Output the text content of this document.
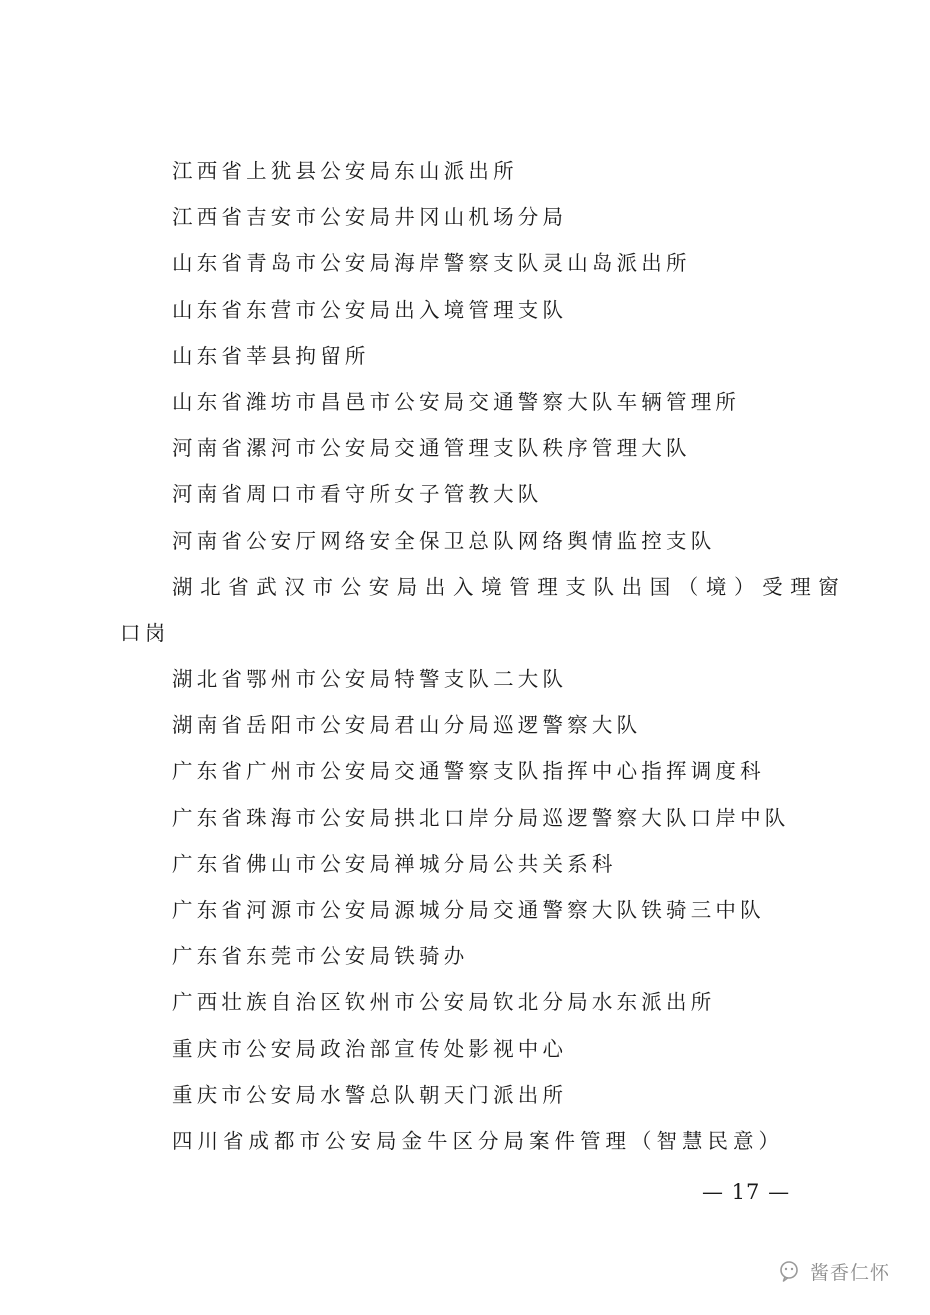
江西省上犹县公安局东山派出所
江西省吉安市公安局井冈山机场分局
山东省青岛市公安局海岸警察支队灵山岛派出所
山东省东营市公安局出入境管理支队
山东省莘县拘留所
山东省潍坊市昌邑市公安局交通警察大队车辆管理所
河南省漯河市公安局交通管理支队秩序管理大队
河南省周口市看守所女子管教大队
河南省公安厅网络安全保卫总队网络舆情监控支队
湖北省武汉市公安局出入境管理支队出国（境）受理窗
口岗
湖北省鄂州市公安局特警支队二大队
湖南省岳阳市公安局君山分局巡逻警察大队
广东省广州市公安局交通警察支队指挥中心指挥调度科
广东省珠海市公安局拱北口岸分局巡逻警察大队口岸中队
广东省佛山市公安局禅城分局公共关系科
广东省河源市公安局源城分局交通警察大队铁骑三中队
广东省东莞市公安局铁骑办
广西壮族自治区钦州市公安局钦北分局水东派出所
重庆市公安局政治部宣传处影视中心
重庆市公安局水警总队朝天门派出所
四川省成都市公安局金牛区分局案件管理（智慧民意）
— 17 —
酱香仁怀
